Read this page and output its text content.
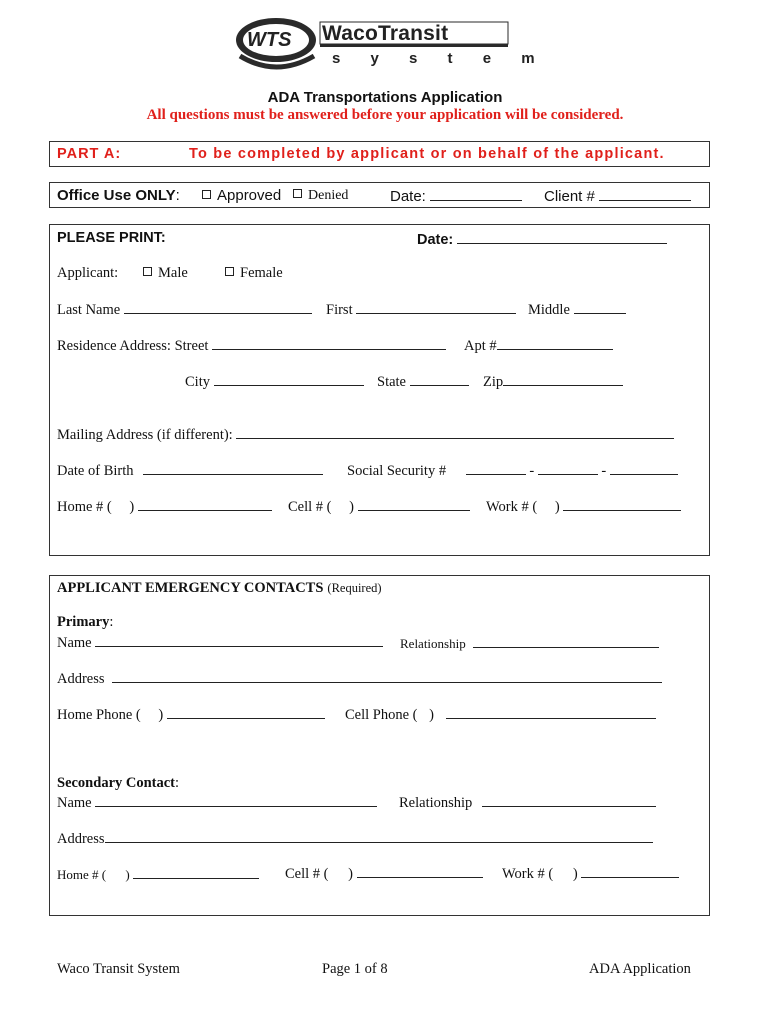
WTS WacoTransit
s y s t e m
ADA Transportations Application
All questions must be answered before your application will be considered.
PART A:	To be completed by applicant or on behalf of the applicant.
Office Use ONLY:	Approved	Denied	Date:	Client #
PLEASE PRINT:	Date:
Applicant:	Male	Female
Last Name	First	Middle
Residence Address: Street	Apt #
City	State	Zip
Mailing Address (if different):
Date of Birth	Social Security #	-	-
Home # ( )	Cell # ( )	Work # ( )
APPLICANT EMERGENCY CONTACTS (Required)
Primary:
Name	Relationship
Address
Home Phone ( )	Cell Phone ( )
Secondary Contact:
Name	Relationship
Address
Home # ( )	Cell # ( )	Work # ( )
Waco Transit System	Page 1 of 8	ADA Application
